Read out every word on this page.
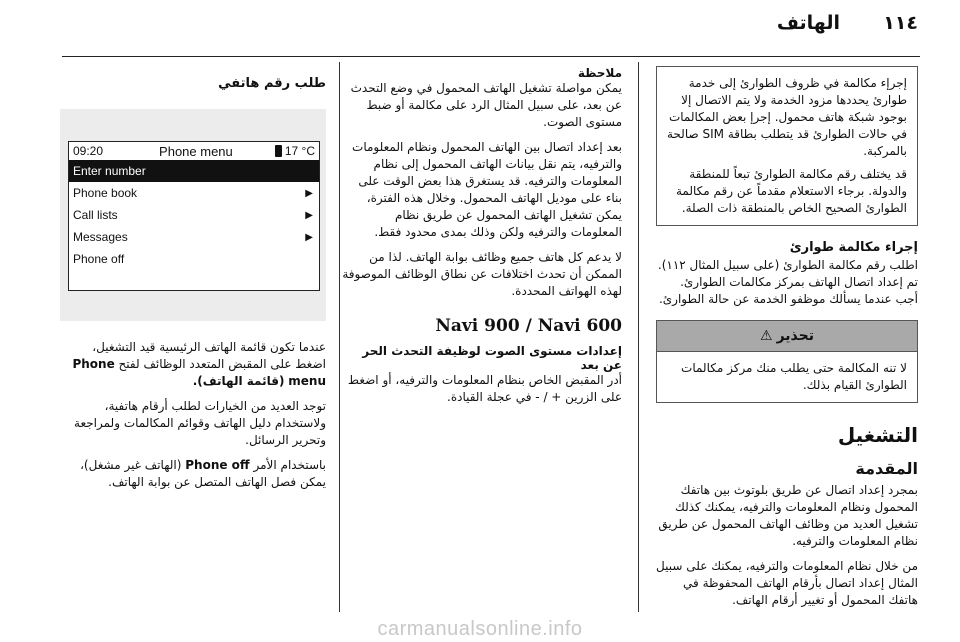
١١٤
الهاتف

إجرإء مكالمة في ظروف الطوارئ إلى خدمة طوارئ يحددها مزود الخدمة ولا يتم الاتصال إلا بوجود شبكة هاتف محمول. إجرإ بعض المكالمات في حالات الطوارئ قد يتطلب بطاقة SIM صالحة بالمركبة.

قد يختلف رقم مكالمة الطوارئ تبعاً للمنطقة والدولة. برجاء الاستعلام مقدماً عن رقم مكالمة الطوارئ الصحيح الخاص بالمنطقة ذات الصلة.

إجراء مكالمة طوارئ

اطلب رقم مكالمة الطوارئ (على سبيل المثال ١١٢).

تم إعداد اتصال الهاتف بمركز مكالمات الطوارئ.

أجب عندما يسألك موظفو الخدمة عن حالة الطوارئ.

تحذير
⚠

لا تنه المكالمة حتى يطلب منك مركز مكالمات الطوارئ القيام بذلك.

التشغيل
المقدمة

بمجرد إعداد اتصال عن طريق بلوتوث بين هاتفك المحمول ونظام المعلومات والترفيه، يمكنك كذلك تشغيل العديد من وظائف الهاتف المحمول عن طريق نظام المعلومات والترفيه.

من خلال نظام المعلومات والترفيه، يمكنك على سبيل المثال إعداد اتصال بأرقام الهاتف المحفوظة في هاتفك المحمول أو تغيير أرقام الهاتف.

ملاحظة

يمكن مواصلة تشغيل الهاتف المحمول في وضع التحدث عن بعد، على سبيل المثال الرد على مكالمة أو ضبط مستوى الصوت.

بعد إعداد اتصال بين الهاتف المحمول ونظام المعلومات والترفيه، يتم نقل بيانات الهاتف المحمول إلى نظام المعلومات والترفيه. قد يستغرق هذا بعض الوقت على بناء على موديل الهاتف المحمول. وخلال هذه الفترة، يمكن تشغيل الهاتف المحمول عن طريق نظام المعلومات والترفيه ولكن وذلك بمدى محدود فقط.

لا يدعم كل هاتف جميع وظائف بوابة الهاتف. لذا من الممكن أن تحدث اختلافات عن نطاق الوظائف الموصوفة لهذه الهواتف المحددة.

Navi 900 / Navi 600
إعدادات مستوى الصوت لوظيفة التحدث الحر عن بعد

أدر المقبض الخاص بنظام المعلومات والترفيه، أو اضغط على الزرين + / - في عجلة القيادة.

طلب رقم هاتفي
09:20	Phone menu	17 °C
Enter number
Phone book	▶
Call lists	▶
Messages	▶
Phone off

عندما تكون قائمة الهاتف الرئيسية قيد التشغيل، اضغط على المقبض المتعدد الوظائف لفتح Phone menu (قائمة الهاتف).

توجد العديد من الخيارات لطلب أرقام هاتفية، ولاستخدام دليل الهاتف وقوائم المكالمات ولمراجعة وتحرير الرسائل.

باستخدام الأمر Phone off (الهاتف غير مشغل)، يمكن فصل الهاتف المتصل عن بوابة الهاتف.

carmanualsonline.info
